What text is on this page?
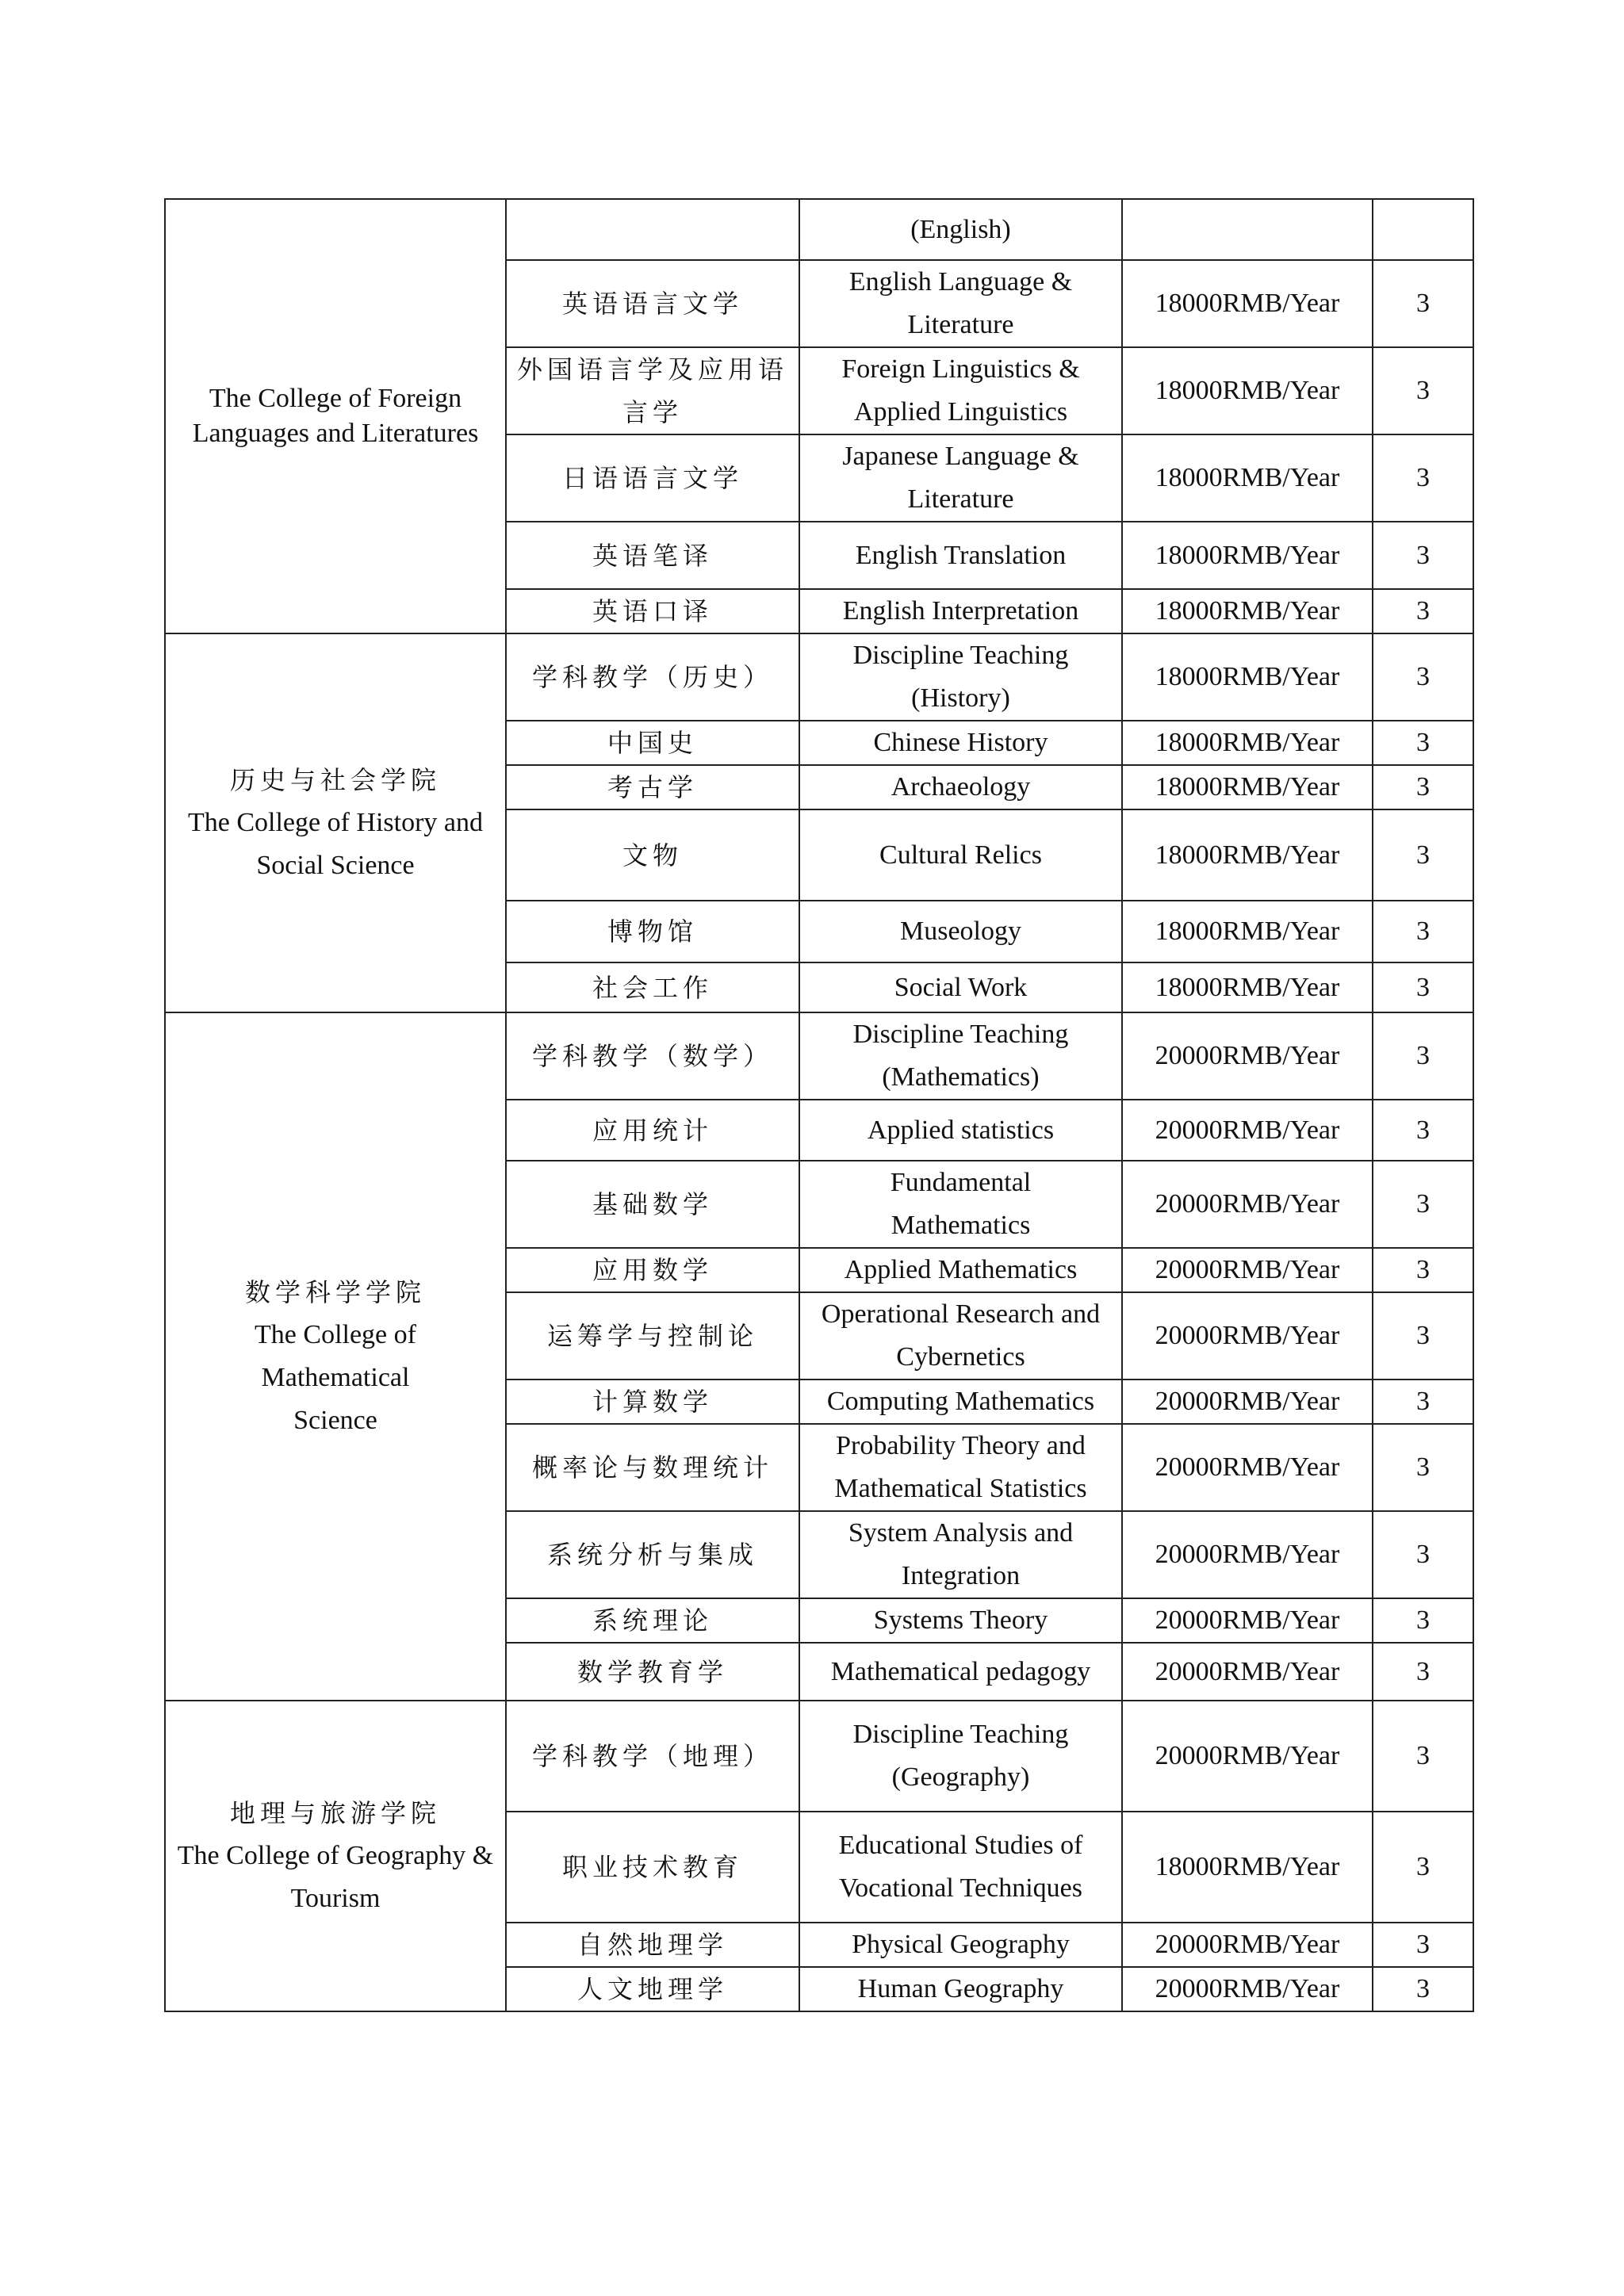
The College of Foreign Languages and Literatures		(English)		
	英语语言文学	English Language & Literature	18000RMB/Year	3
	外国语言学及应用语言学	Foreign Linguistics & Applied Linguistics	18000RMB/Year	3
	日语语言文学	Japanese Language & Literature	18000RMB/Year	3
	英语笔译	English Translation	18000RMB/Year	3
	英语口译	English Interpretation	18000RMB/Year	3

历史与社会学院
The College of History and Social Science	学科教学（历史）	Discipline Teaching (History)	18000RMB/Year	3
	中国史	Chinese History	18000RMB/Year	3
	考古学	Archaeology	18000RMB/Year	3
	文物	Cultural Relics	18000RMB/Year	3
	博物馆	Museology	18000RMB/Year	3
	社会工作	Social Work	18000RMB/Year	3

数学科学学院
The College of Mathematical Science	学科教学（数学）	Discipline Teaching (Mathematics)	20000RMB/Year	3
	应用统计	Applied statistics	20000RMB/Year	3
	基础数学	Fundamental Mathematics	20000RMB/Year	3
	应用数学	Applied Mathematics	20000RMB/Year	3
	运筹学与控制论	Operational Research and Cybernetics	20000RMB/Year	3
	计算数学	Computing Mathematics	20000RMB/Year	3
	概率论与数理统计	Probability Theory and Mathematical Statistics	20000RMB/Year	3
	系统分析与集成	System Analysis and Integration	20000RMB/Year	3
	系统理论	Systems Theory	20000RMB/Year	3
	数学教育学	Mathematical pedagogy	20000RMB/Year	3

地理与旅游学院
The College of Geography & Tourism	学科教学（地理）	Discipline Teaching (Geography)	20000RMB/Year	3
	职业技术教育	Educational Studies of Vocational Techniques	18000RMB/Year	3
	自然地理学	Physical Geography	20000RMB/Year	3
	人文地理学	Human Geography	20000RMB/Year	3
